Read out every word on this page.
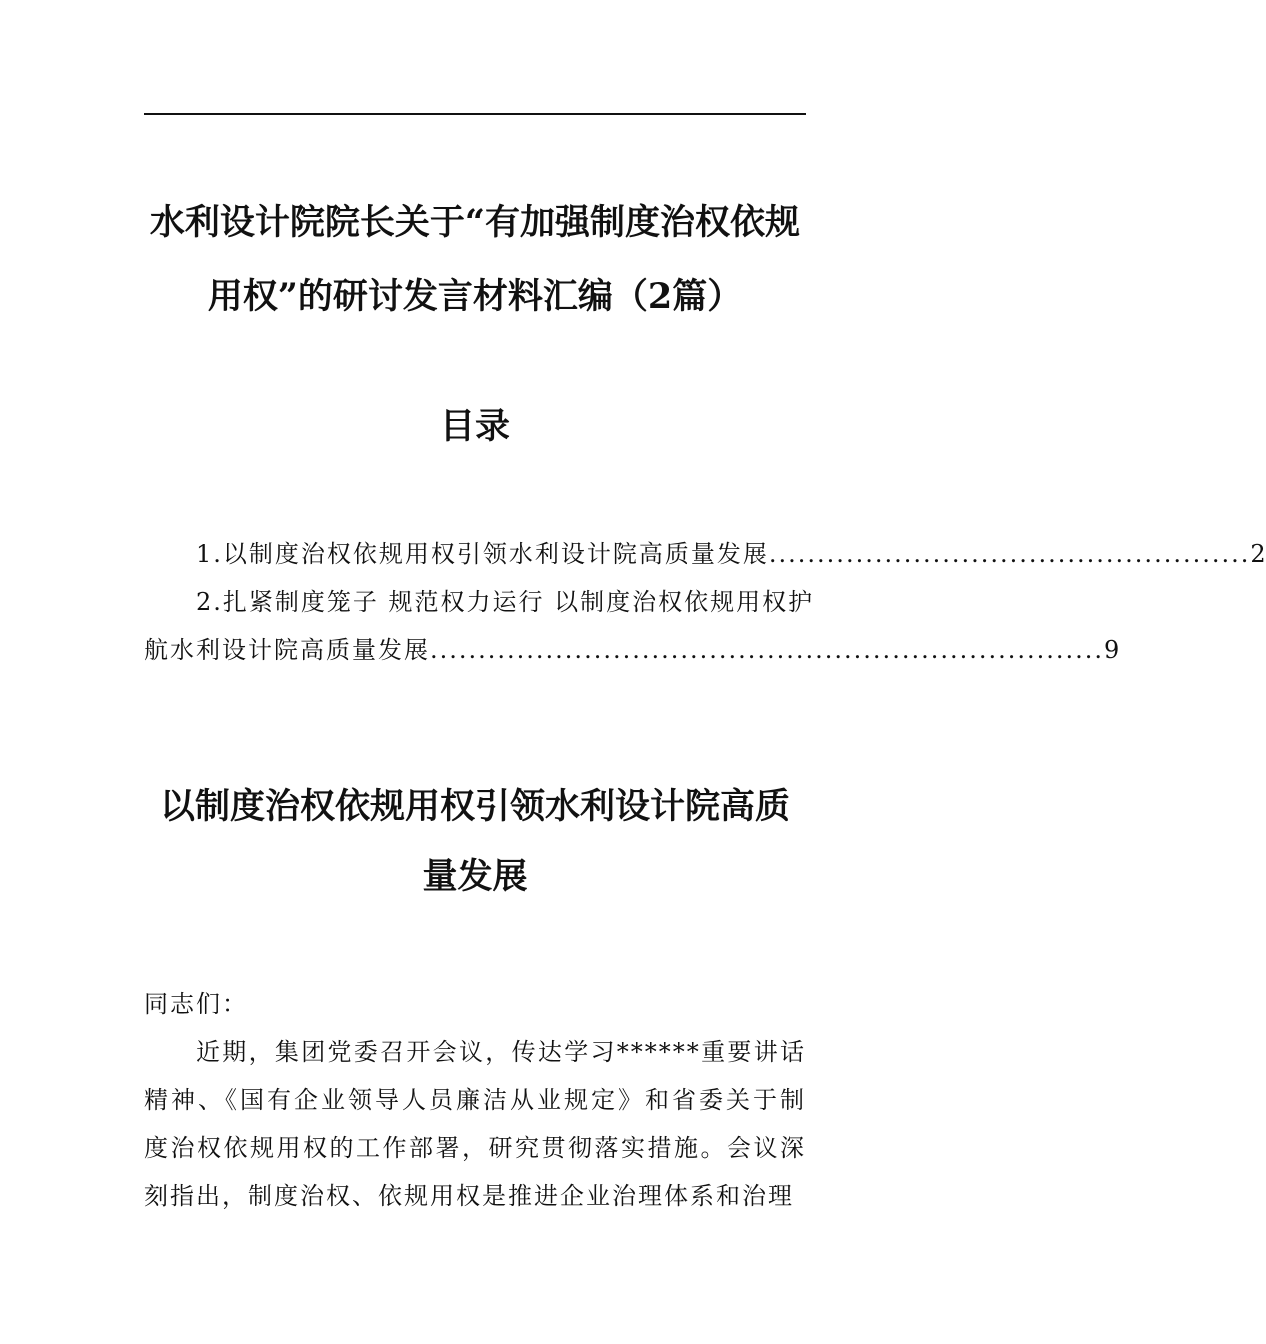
水利设计院院长关于“有加强制度治权依规用权”的研讨发言材料汇编（2篇）
目录
1.以制度治权依规用权引领水利设计院高质量发展 .................................................. 2
2.扎紧制度笼子 规范权力运行 以制度治权依规用权护
航水利设计院高质量发展 ...................................................................... 9
以制度治权依规用权引领水利设计院高质量发展

同志们：

近期，集团党委召开会议，传达学习******重要讲话精神、《国有企业领导人员廉洁从业规定》和省委关于制度治权依规用权的工作部署，研究贯彻落实措施。会议深刻指出，制度治权、依规用权是推进企业治理体系和治理
